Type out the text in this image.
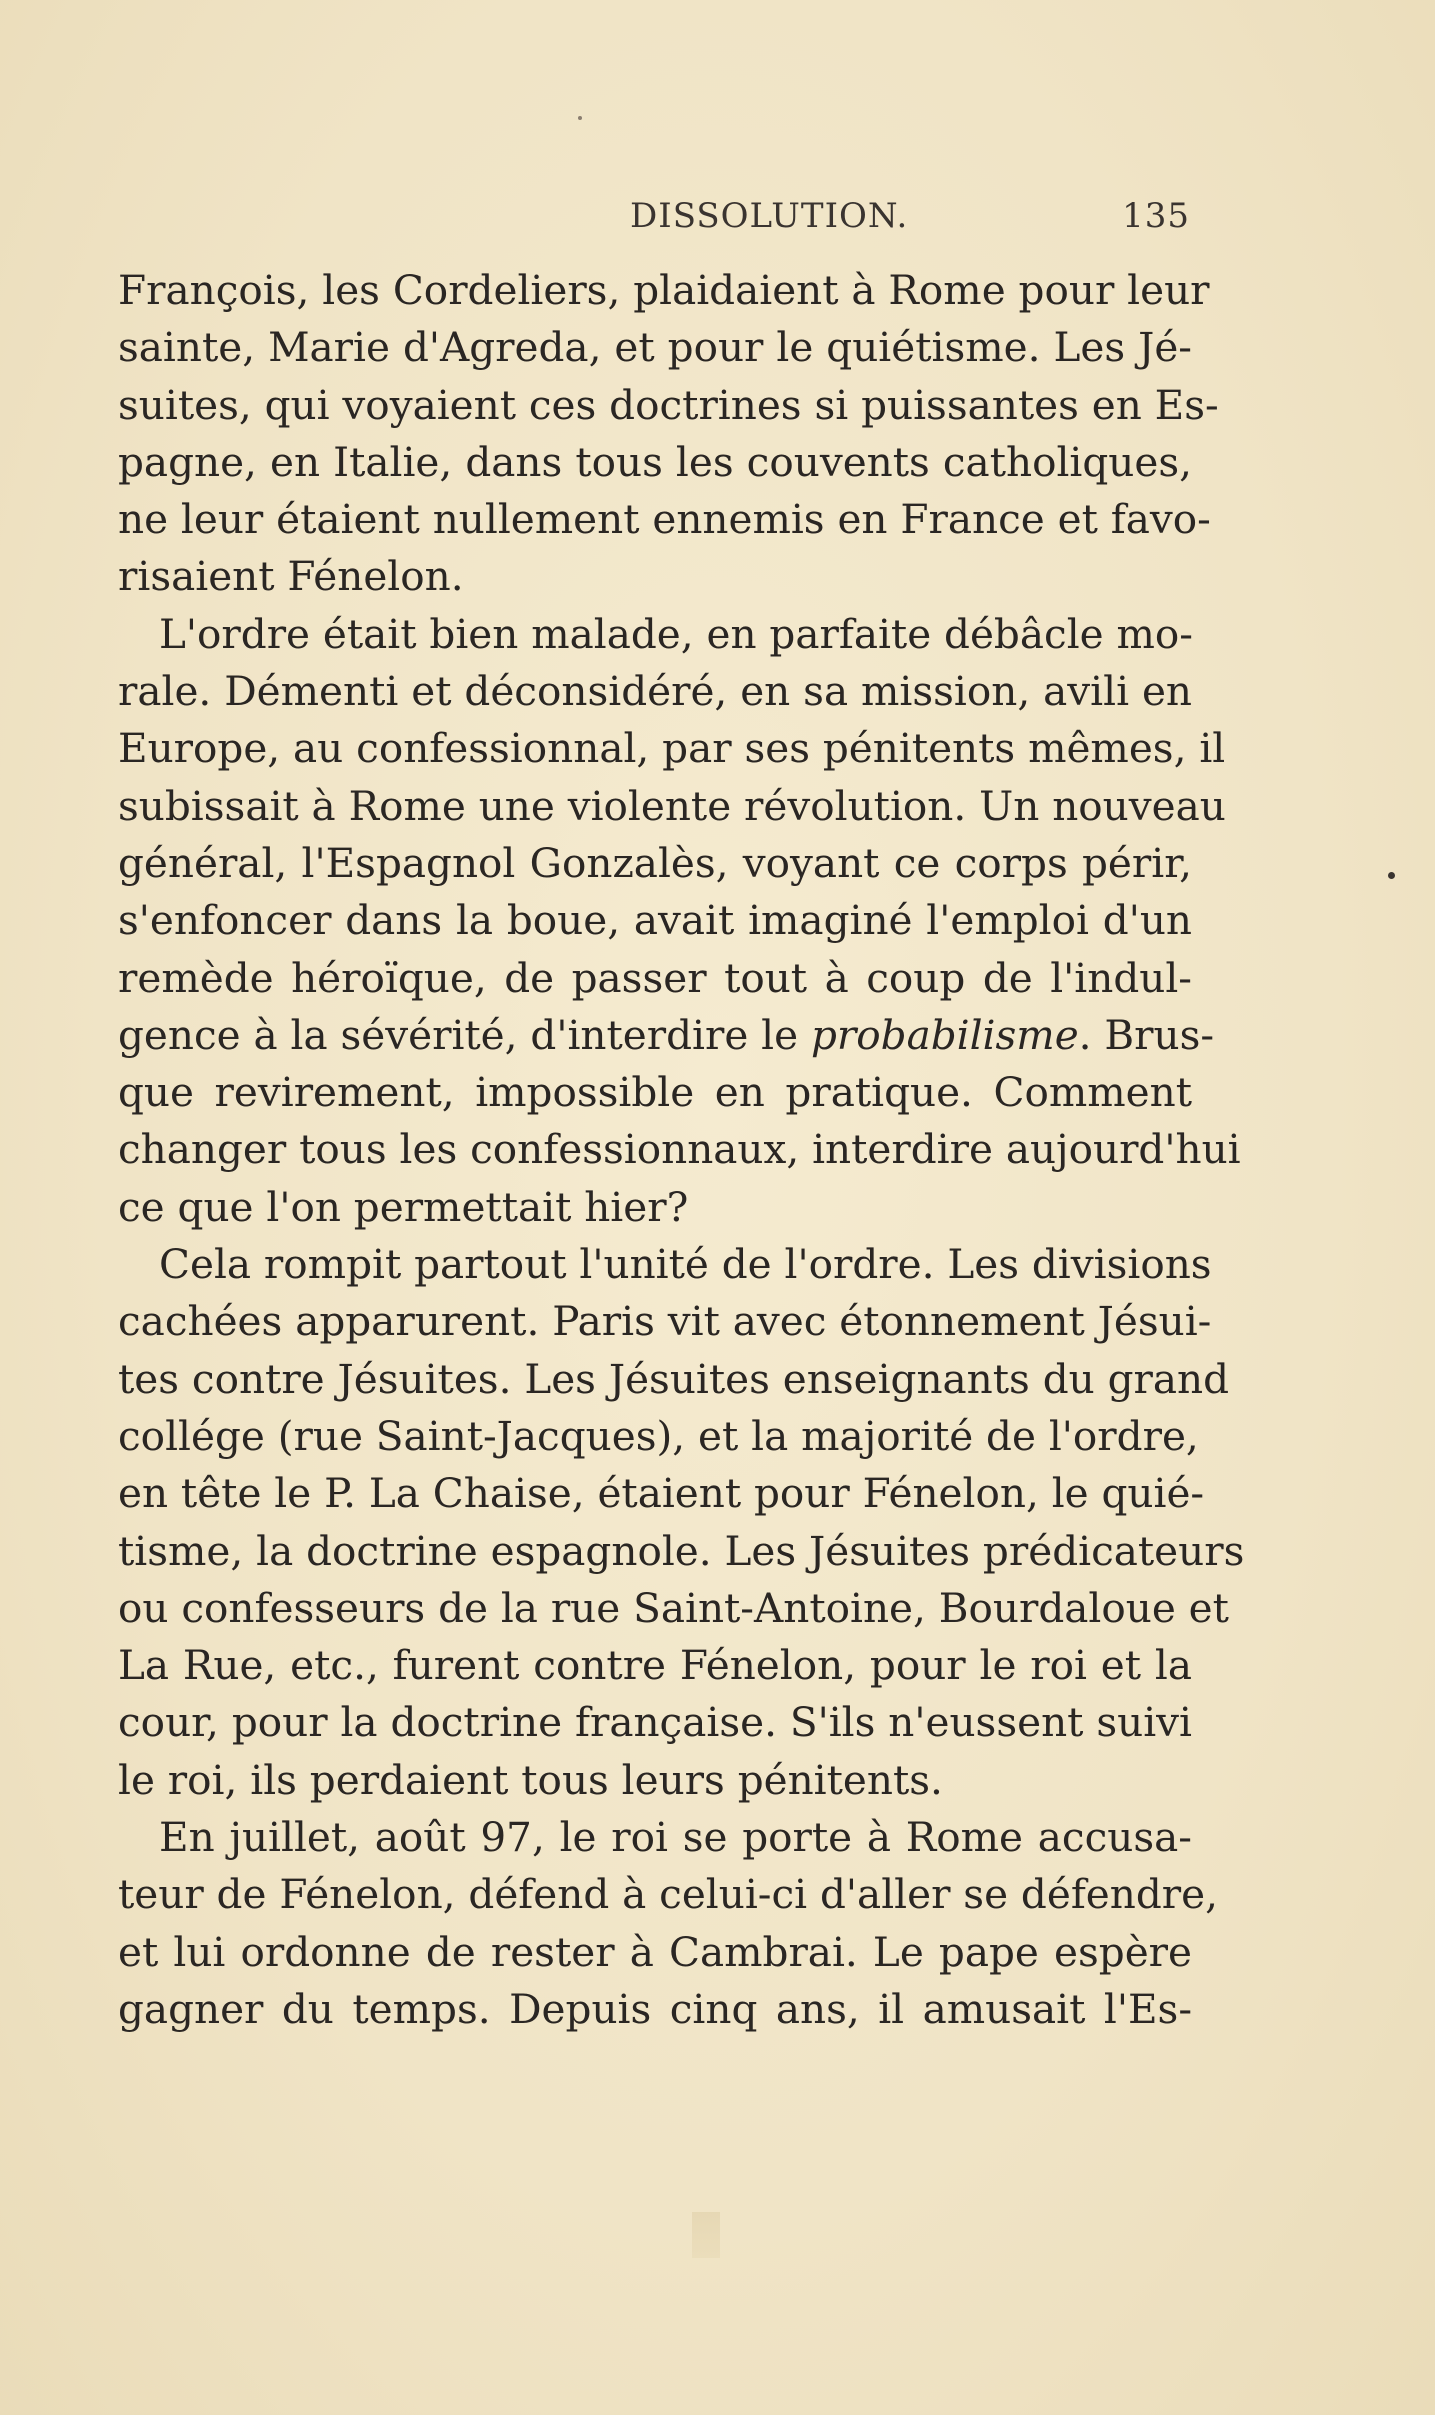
DISSOLUTION.	135
François, les Cordeliers, plaidaient à Rome pour leur
sainte, Marie d'Agreda, et pour le quiétisme. Les Jé-
suites, qui voyaient ces doctrines si puissantes en Es-
pagne, en Italie, dans tous les couvents catholiques,
ne leur étaient nullement ennemis en France et favo-
risaient Fénelon.
L'ordre était bien malade, en parfaite débâcle mo-
rale. Démenti et déconsidéré, en sa mission, avili en
Europe, au confessionnal, par ses pénitents mêmes, il
subissait à Rome une violente révolution. Un nouveau
général, l'Espagnol Gonzalès, voyant ce corps périr,
s'enfoncer dans la boue, avait imaginé l'emploi d'un
remède héroïque, de passer tout à coup de l'indul-
gence à la sévérité, d'interdire le probabilisme. Brus-
que revirement, impossible en pratique. Comment
changer tous les confessionnaux, interdire aujourd'hui
ce que l'on permettait hier?
Cela rompit partout l'unité de l'ordre. Les divisions
cachées apparurent. Paris vit avec étonnement Jésui-
tes contre Jésuites. Les Jésuites enseignants du grand
collége (rue Saint-Jacques), et la majorité de l'ordre,
en tête le P. La Chaise, étaient pour Fénelon, le quié-
tisme, la doctrine espagnole. Les Jésuites prédicateurs
ou confesseurs de la rue Saint-Antoine, Bourdaloue et
La Rue, etc., furent contre Fénelon, pour le roi et la
cour, pour la doctrine française. S'ils n'eussent suivi
le roi, ils perdaient tous leurs pénitents.
En juillet, août 97, le roi se porte à Rome accusa-
teur de Fénelon, défend à celui-ci d'aller se défendre,
et lui ordonne de rester à Cambrai. Le pape espère
gagner du temps. Depuis cinq ans, il amusait l'Es-
